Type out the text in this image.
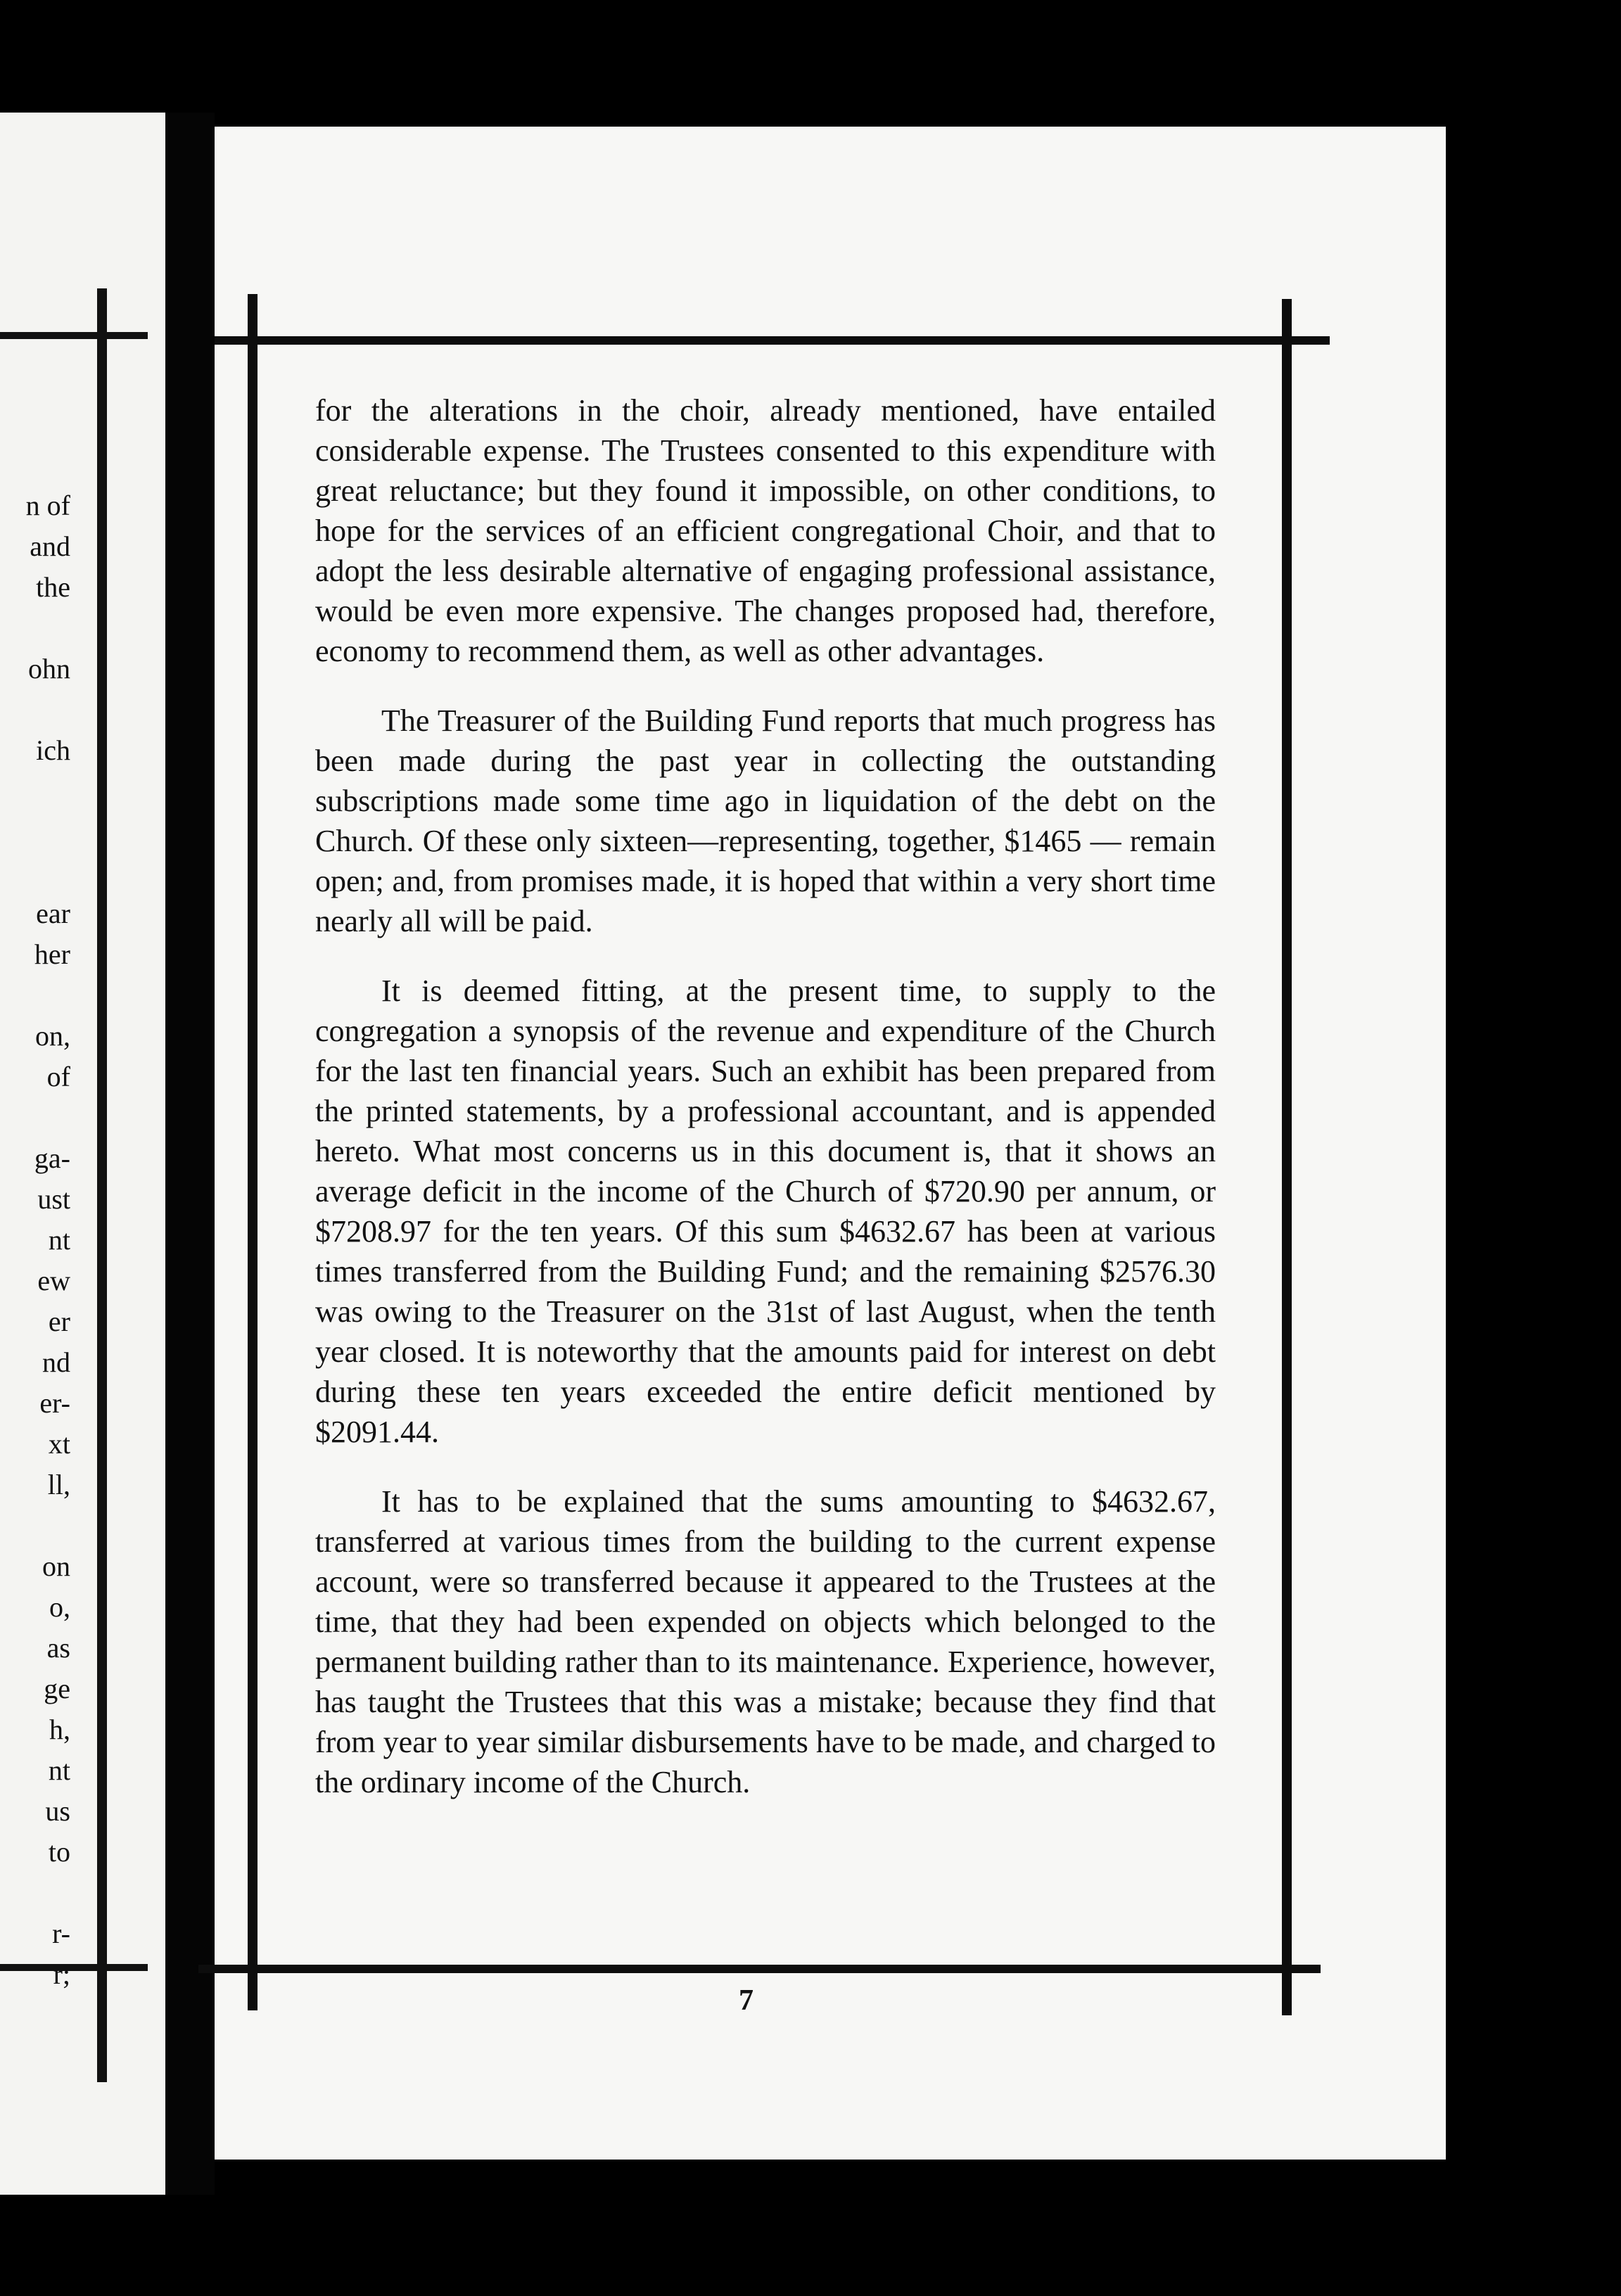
n of
and
the
ohn
ich
ear
her
on,
of
ga-
ust
nt
ew
er
nd
er-
xt
ll,
on
o,
as
ge
h,
nt
us
to
r-
r;

for the alterations in the choir, already mentioned, have entailed considerable expense. The Trustees consented to this expenditure with great reluctance; but they found it impossible, on other conditions, to hope for the services of an efficient congregational Choir, and that to adopt the less desirable alternative of engaging professional assistance, would be even more expensive. The changes proposed had, therefore, economy to recommend them, as well as other advantages.

The Treasurer of the Building Fund reports that much progress has been made during the past year in collecting the outstanding subscriptions made some time ago in liquidation of the debt on the Church. Of these only sixteen—representing, together, $1465 — remain open; and, from promises made, it is hoped that within a very short time nearly all will be paid.

It is deemed fitting, at the present time, to supply to the congregation a synopsis of the revenue and expenditure of the Church for the last ten financial years. Such an exhibit has been prepared from the printed statements, by a professional accountant, and is appended hereto. What most concerns us in this document is, that it shows an average deficit in the income of the Church of $720.90 per annum, or $7208.97 for the ten years. Of this sum $4632.67 has been at various times transferred from the Building Fund; and the remaining $2576.30 was owing to the Treasurer on the 31st of last August, when the tenth year closed. It is noteworthy that the amounts paid for interest on debt during these ten years exceeded the entire deficit mentioned by $2091.44.

It has to be explained that the sums amounting to $4632.67, transferred at various times from the building to the current expense account, were so transferred because it appeared to the Trustees at the time, that they had been expended on objects which belonged to the permanent building rather than to its maintenance. Experience, however, has taught the Trustees that this was a mistake; because they find that from year to year similar disbursements have to be made, and charged to the ordinary income of the Church.

7
